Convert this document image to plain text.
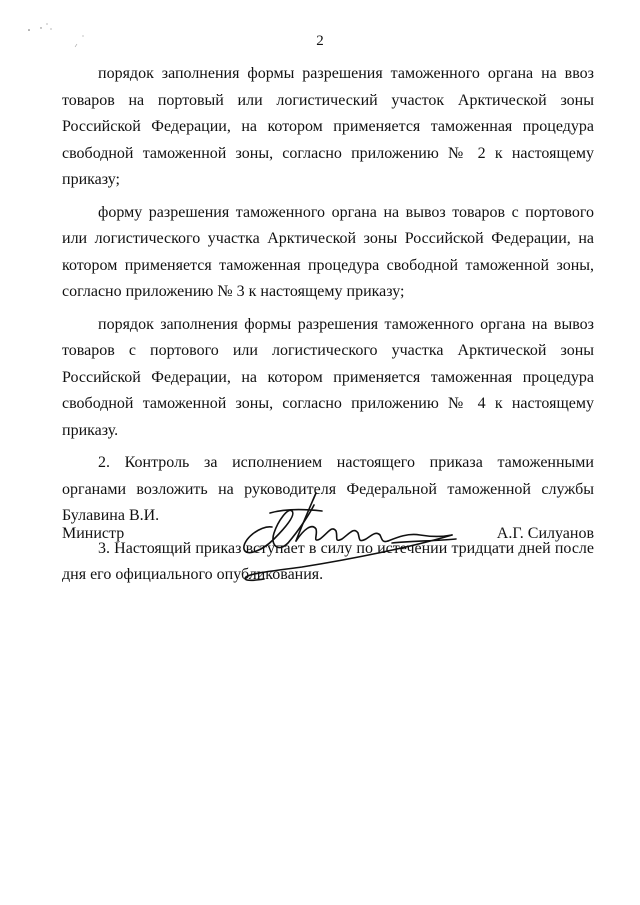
2

порядок заполнения формы разрешения таможенного органа на ввоз товаров на портовый или логистический участок Арктической зоны Российской Федерации, на котором применяется таможенная процедура свободной таможенной зоны, согласно приложению № 2 к настоящему приказу;

форму разрешения таможенного органа на вывоз товаров с портового или логистического участка Арктической зоны Российской Федерации, на котором применяется таможенная процедура свободной таможенной зоны, согласно приложению № 3 к настоящему приказу;

порядок заполнения формы разрешения таможенного органа на вывоз товаров с портового или логистического участка Арктической зоны Российской Федерации, на котором применяется таможенная процедура свободной таможенной зоны, согласно приложению № 4 к настоящему приказу.

2. Контроль за исполнением настоящего приказа таможенными органами возложить на руководителя Федеральной таможенной службы Булавина В.И.

3. Настоящий приказ вступает в силу по истечении тридцати дней после дня его официального опубликования.

Министр	А.Г. Силуанов
